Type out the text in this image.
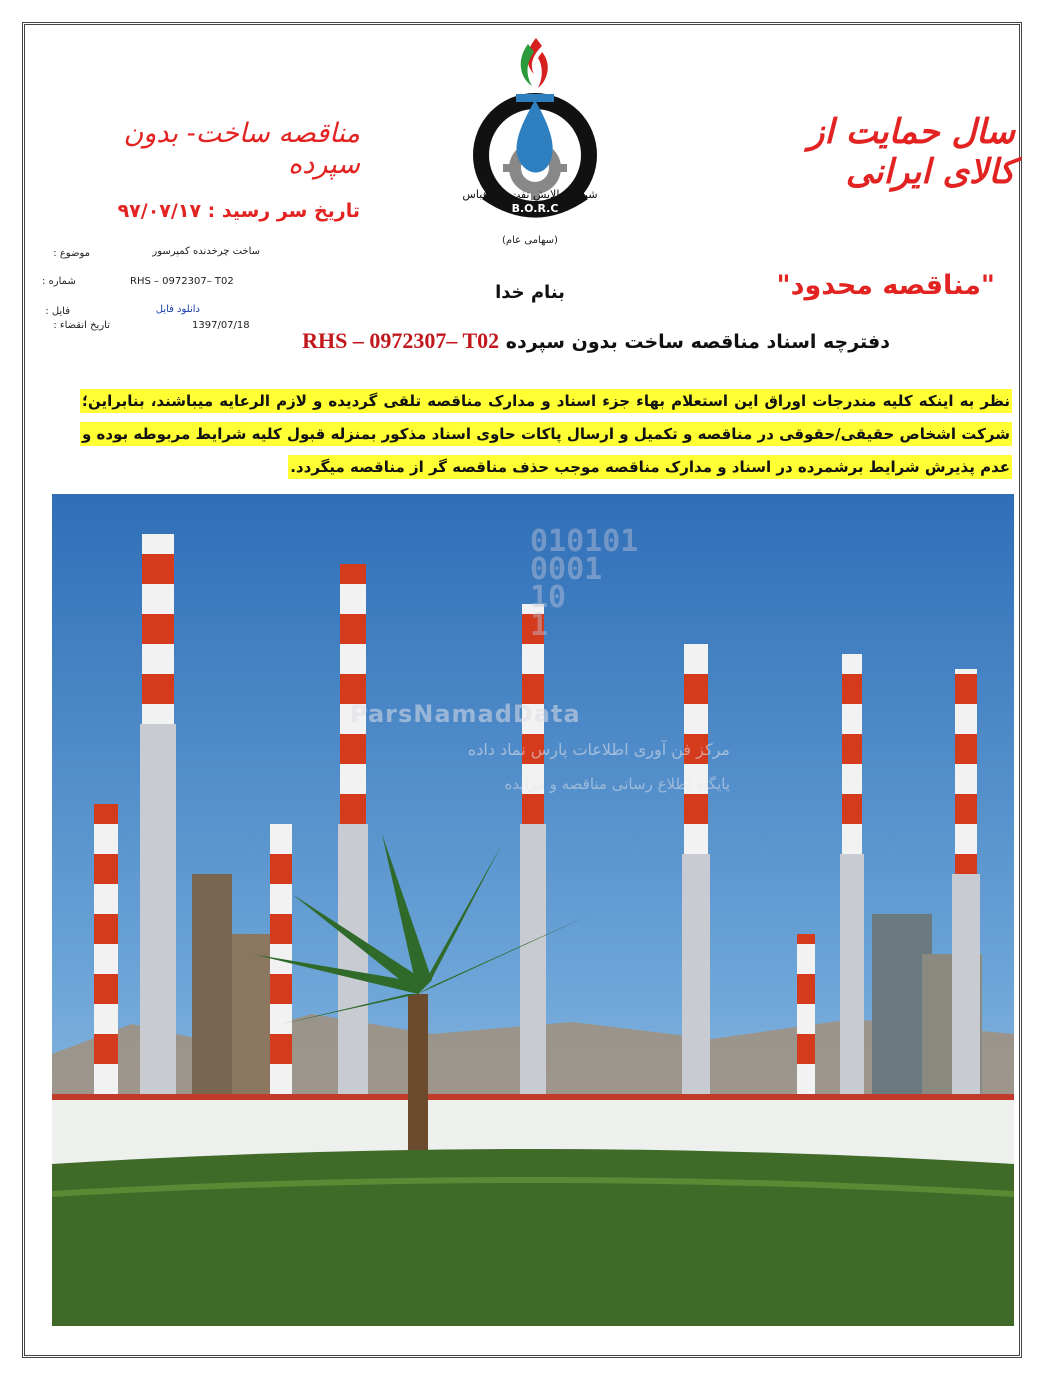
سال حمایت از کالای ایرانی
مناقصه ساخت- بدون سپرده
تاریخ سر رسید : ۹۷/۰۷/۱۷	B.O.R.C
شرکت پالایش نفت بندرعباس
(سهامی عام)
موضوع :	ساخت چرخدنده کمپرسور
: شماره	RHS – 0972307– T02
فایل :	دانلود فایل
تاریخ انقضاء :	1397/07/18
"مناقصه محدود"
بنام خدا
دفترچه اسناد مناقصه ساخت بدون سپرده RHS – 0972307– T02
نظر به اینکه کلیه مندرجات اوراق این استعلام بهاء جزء اسناد و مدارک مناقصه تلقی گردیده و لازم الرعایه میباشند، بنابراین؛ شرکت اشخاص حقیقی/حقوقی در مناقصه و تکمیل و ارسال پاکات حاوی اسناد مذکور بمنزله قبول کلیه شرایط مربوطه بوده و عدم پذیرش شرایط برشمرده در اسناد و مدارک مناقصه موجب حذف مناقصه گر از مناقصه میگردد.
010101
0001
10
1
ParsNamadData
مرکز فن آوری اطلاعات پارس نماد داده
پایگاه اطلاع رسانی مناقصه و مزایده
